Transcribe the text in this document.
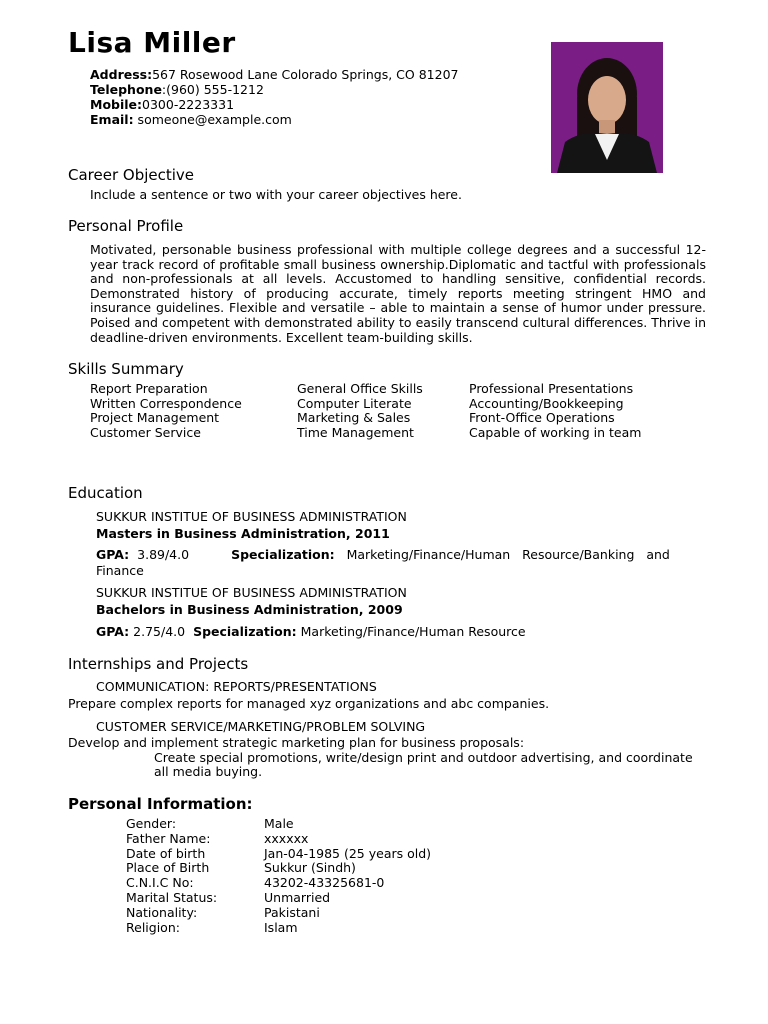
Lisa Miller
Address:567 Rosewood Lane Colorado Springs, CO 81207
Telephone:(960) 555-1212
Mobile:0300-2223331
Email: someone@example.com
Career Objective
Include a sentence or two with your career objectives here.
Personal Profile
Motivated, personable business professional with multiple college degrees and a successful 12-year track record of profitable small business ownership.Diplomatic and tactful with professionals and non-professionals at all levels. Accustomed to handling sensitive, confidential records. Demonstrated history of producing accurate, timely reports meeting stringent HMO and insurance guidelines. Flexible and versatile – able to maintain a sense of humor under pressure. Poised and competent with demonstrated ability to easily transcend cultural differences. Thrive in deadline-driven environments. Excellent team-building skills.
Skills Summary
Report Preparation	General Office Skills	Professional Presentations
Written Correspondence	Computer Literate	Accounting/Bookkeeping
Project Management	Marketing & Sales	Front-Office Operations
Customer Service	Time Management	Capable of working in team
Education
SUKKUR INSTITUE OF BUSINESS ADMINISTRATION
Masters in Business Administration, 2011
GPA: 3.89/4.0	Specialization: Marketing/Finance/Human   Resource/Banking   and
Finance
SUKKUR INSTITUE OF BUSINESS ADMINISTRATION
Bachelors in Business Administration, 2009
GPA: 2.75/4.0 Specialization: Marketing/Finance/Human Resource
Internships and Projects
COMMUNICATION: REPORTS/PRESENTATIONS
Prepare complex reports for managed xyz organizations and abc companies.
CUSTOMER SERVICE/MARKETING/PROBLEM SOLVING
Develop and implement strategic marketing plan for business proposals:
Create special promotions, write/design print and outdoor advertising, and coordinate
all media buying.
Personal Information:
Gender:	Male
Father Name:	xxxxxx
Date of birth	Jan-04-1985 (25 years old)
Place of Birth	Sukkur (Sindh)
C.N.I.C No:	43202-43325681-0
Marital Status:	Unmarried
Nationality:	Pakistani
Religion:	Islam
